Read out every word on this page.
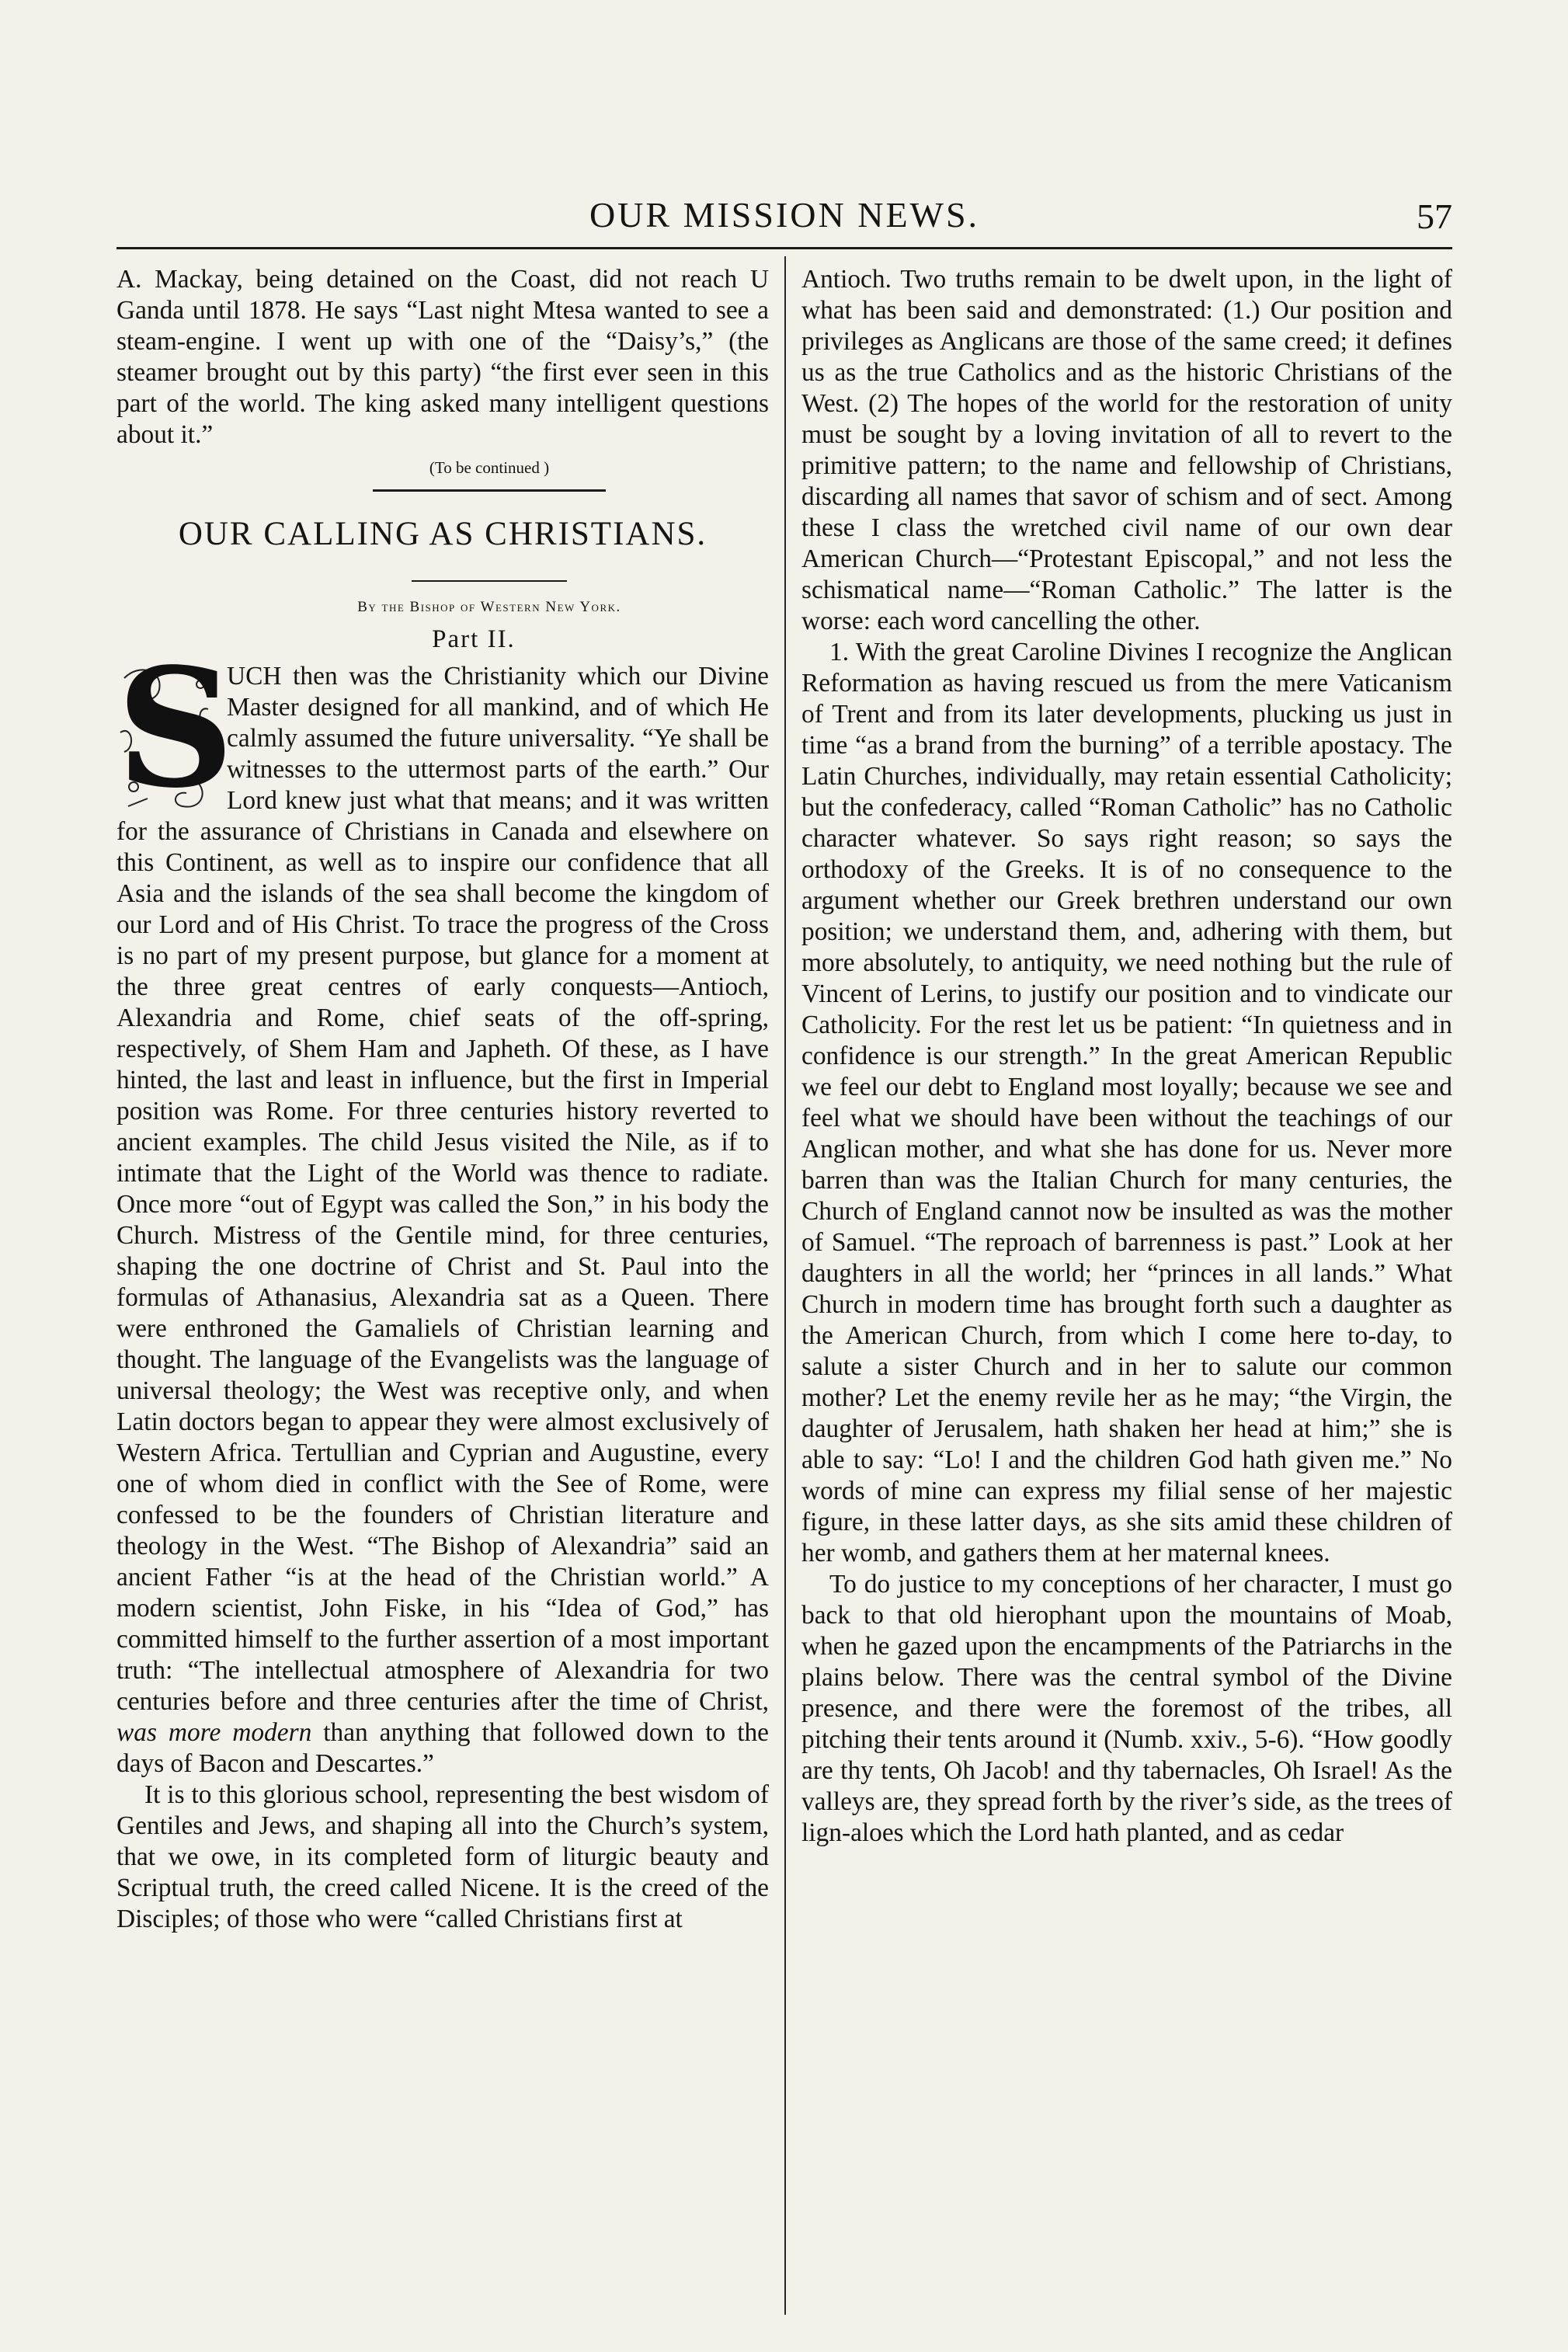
OUR MISSION NEWS.	57

A. Mackay, being detained on the Coast, did not reach U Ganda until 1878. He says “Last night Mtesa wanted to see a steam-engine. I went up with one of the “Daisy’s,” (the steamer brought out by this party) “the first ever seen in this part of the world. The king asked many intelligent questions about it.”

(To be continued )
OUR CALLING AS CHRISTIANS.
By the Bishop of Western New York.
Part II.
S

UCH then was the Christianity which our Divine Master designed for all mankind, and of which He calmly assumed the future universality. “Ye shall be witnesses to the uttermost parts of the earth.” Our Lord knew just what that means; and it was written for the assurance of Christians in Canada and elsewhere on this Continent, as well as to inspire our confidence that all Asia and the islands of the sea shall become the kingdom of our Lord and of His Christ. To trace the progress of the Cross is no part of my present purpose, but glance for a moment at the three great centres of early conquests—Antioch, Alexandria and Rome, chief seats of the off-spring, respectively, of Shem Ham and Japheth. Of these, as I have hinted, the last and least in influence, but the first in Imperial position was Rome. For three centuries history reverted to ancient examples. The child Jesus visited the Nile, as if to intimate that the Light of the World was thence to radiate. Once more “out of Egypt was called the Son,” in his body the Church. Mistress of the Gentile mind, for three centuries, shaping the one doctrine of Christ and St. Paul into the formulas of Athanasius, Alexandria sat as a Queen. There were enthroned the Gamaliels of Christian learning and thought. The language of the Evangelists was the language of universal theology; the West was receptive only, and when Latin doctors began to appear they were almost exclusively of Western Africa. Tertullian and Cyprian and Augustine, every one of whom died in conflict with the See of Rome, were confessed to be the founders of Christian literature and theology in the West. “The Bishop of Alexandria” said an ancient Father “is at the head of the Christian world.” A modern scientist, John Fiske, in his “Idea of God,” has committed himself to the further assertion of a most important truth: “The intellectual atmosphere of Alexandria for two centuries before and three centuries after the time of Christ, was more modern than anything that followed down to the days of Bacon and Descartes.”

It is to this glorious school, representing the best wisdom of Gentiles and Jews, and shaping all into the Church’s system, that we owe, in its completed form of liturgic beauty and Scriptual truth, the creed called Nicene. It is the creed of the Disciples; of those who were “called Christians first at

Antioch. Two truths remain to be dwelt upon, in the light of what has been said and demonstrated: (1.) Our position and privileges as Anglicans are those of the same creed; it defines us as the true Catholics and as the historic Christians of the West. (2) The hopes of the world for the restoration of unity must be sought by a loving invitation of all to revert to the primitive pattern; to the name and fellowship of Christians, discarding all names that savor of schism and of sect. Among these I class the wretched civil name of our own dear American Church—“Protestant Episcopal,” and not less the schismatical name—“Roman Catholic.” The latter is the worse: each word cancelling the other.

1. With the great Caroline Divines I recognize the Anglican Reformation as having rescued us from the mere Vaticanism of Trent and from its later developments, plucking us just in time “as a brand from the burning” of a terrible apostacy. The Latin Churches, individually, may retain essential Catholicity; but the confederacy, called “Roman Catholic” has no Catholic character whatever. So says right reason; so says the orthodoxy of the Greeks. It is of no consequence to the argument whether our Greek brethren understand our own position; we understand them, and, adhering with them, but more absolutely, to antiquity, we need nothing but the rule of Vincent of Lerins, to justify our position and to vindicate our Catholicity. For the rest let us be patient: “In quietness and in confidence is our strength.” In the great American Republic we feel our debt to England most loyally; because we see and feel what we should have been without the teachings of our Anglican mother, and what she has done for us. Never more barren than was the Italian Church for many centuries, the Church of England cannot now be insulted as was the mother of Samuel. “The reproach of barrenness is past.” Look at her daughters in all the world; her “princes in all lands.” What Church in modern time has brought forth such a daughter as the American Church, from which I come here to-day, to salute a sister Church and in her to salute our common mother? Let the enemy revile her as he may; “the Virgin, the daughter of Jerusalem, hath shaken her head at him;” she is able to say: “Lo! I and the children God hath given me.” No words of mine can express my filial sense of her majestic figure, in these latter days, as she sits amid these children of her womb, and gathers them at her maternal knees.

To do justice to my conceptions of her character, I must go back to that old hierophant upon the mountains of Moab, when he gazed upon the encampments of the Patriarchs in the plains below. There was the central symbol of the Divine presence, and there were the foremost of the tribes, all pitching their tents around it (Numb. xxiv., 5-6). “How goodly are thy tents, Oh Jacob! and thy tabernacles, Oh Israel! As the valleys are, they spread forth by the river’s side, as the trees of lign-aloes which the Lord hath planted, and as cedar
